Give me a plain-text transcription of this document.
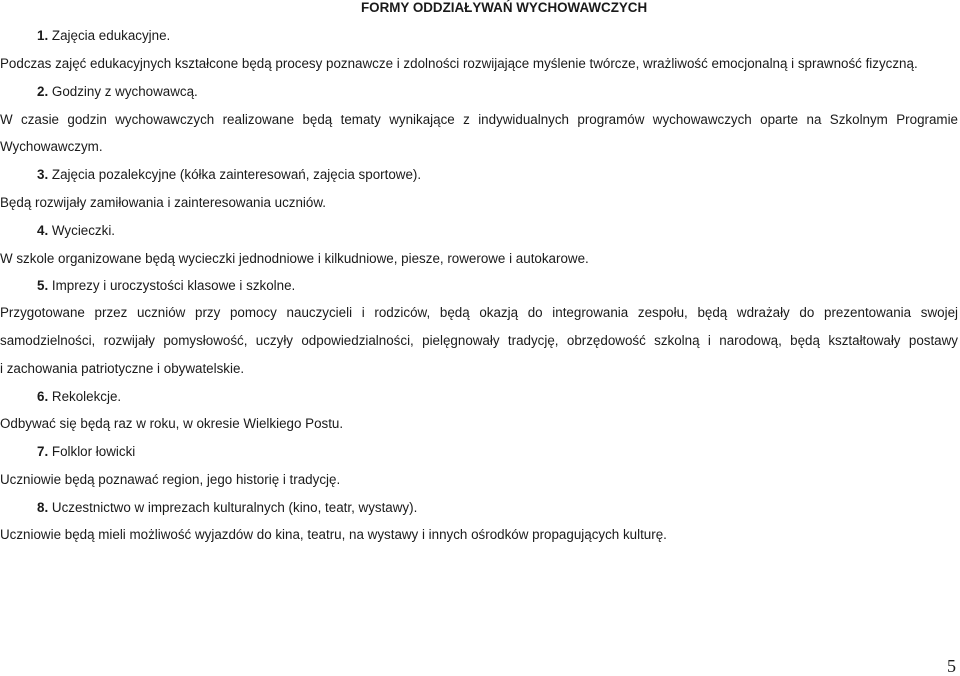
FORMY ODDZIAŁYWAŃ WYCHOWAWCZYCH
1. Zajęcia edukacyjne.
Podczas zajęć edukacyjnych kształcone będą procesy poznawcze i zdolności rozwijające myślenie twórcze, wrażliwość emocjonalną i sprawność fizyczną.
2. Godziny z wychowawcą.
W czasie godzin wychowawczych realizowane będą tematy wynikające z indywidualnych programów wychowawczych oparte na Szkolnym Programie
Wychowawczym.
3. Zajęcia pozalekcyjne (kółka zainteresowań, zajęcia sportowe).
Będą rozwijały zamiłowania i zainteresowania uczniów.
4. Wycieczki.
W szkole organizowane będą wycieczki jednodniowe i kilkudniowe, piesze, rowerowe i autokarowe.
5. Imprezy i uroczystości klasowe i szkolne.
Przygotowane przez uczniów przy pomocy nauczycieli i rodziców, będą okazją do integrowania zespołu, będą wdrażały do prezentowania swojej
samodzielności, rozwijały pomysłowość, uczyły odpowiedzialności, pielęgnowały tradycję, obrzędowość szkolną i narodową, będą kształtowały postawy
i zachowania patriotyczne i obywatelskie.
6. Rekolekcje.
Odbywać się będą raz w roku, w okresie Wielkiego Postu.
7. Folklor łowicki
Uczniowie będą poznawać region, jego historię i tradycję.
8. Uczestnictwo w imprezach kulturalnych (kino, teatr, wystawy).
Uczniowie będą mieli możliwość wyjazdów do kina, teatru, na wystawy i innych ośrodków propagujących kulturę.
5
